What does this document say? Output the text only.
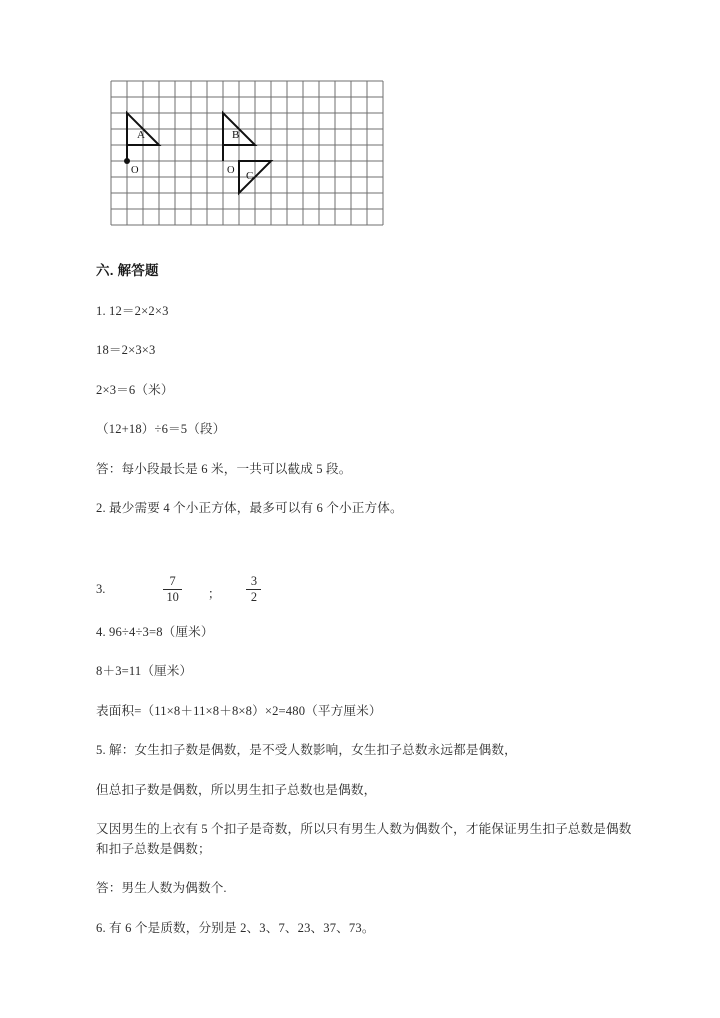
A
O
B
O C
六. 解答题

1. 12＝2×2×3

18＝2×3×3

2×3＝6（米）

（12+18）÷6＝5（段）

答：每小段最长是 6 米，一共可以截成 5 段。

2. 最少需要 4 个小正方体，最多可以有 6 个小正方体。

3.	$\frac{7}{10}$ ； $\frac{3}{2}$

4. 96÷4÷3=8（厘米）

8＋3=11（厘米）

表面积=（11×8＋11×8＋8×8）×2=480（平方厘米）

5. 解：女生扣子数是偶数，是不受人数影响，女生扣子总数永远都是偶数，

但总扣子数是偶数，所以男生扣子总数也是偶数，

又因男生的上衣有 5 个扣子是奇数，所以只有男生人数为偶数个，才能保证男生扣子总数是偶数和扣子总数是偶数；

答：男生人数为偶数个.

6. 有 6 个是质数，分别是 2、3、7、23、37、73。
